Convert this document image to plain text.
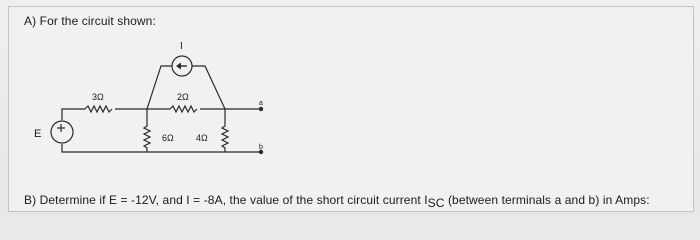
A) For the circuit shown:
3Ω	2Ω
6Ω 4Ω
I
E
a
b
B) Determine if E = -12V, and I = -8A, the value of the short circuit current $I_{SC}$ (between terminals a and b) in Amps:
